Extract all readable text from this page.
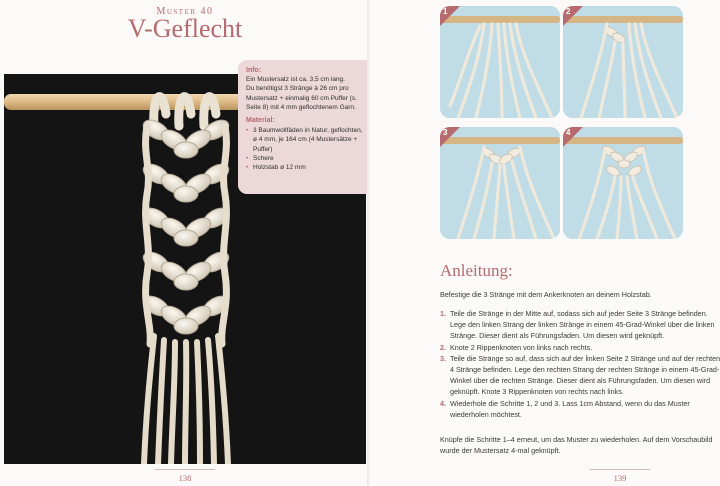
Muster 40
V-Geflecht

Info:

Ein Mustersatz ist ca. 3,5 cm lang.

Du benötigst 3 Stränge à 26 cm pro Mustersatz + einmalig 60 cm Puffer (s. Seite 8) mit 4 mm geflochtenem Garn.

Material:

• 3 Baumwollfäden in Natur, geflochten, ø 4 mm, je 164 cm (4 Mustersätze + Puffer)
• Schere
• Holzstab ø 12 mm
138
1	2
3	4
Anleitung:

Befestige die 3 Stränge mit dem Ankerknoten an deinem Holzstab.

1. Teile die Stränge in der Mitte auf, sodass sich auf jeder Seite 3 Stränge befinden. Lege den linken Strang der linken Stränge in einem 45-Grad-Winkel über die linken Stränge. Dieser dient als Führungsfaden. Um diesen wird geknüpft.
2. Knote 2 Rippenknoten von links nach rechts.
3. Teile die Stränge so auf, dass sich auf der linken Seite 2 Stränge und auf der rechten 4 Stränge befinden. Lege den rechten Strang der rechten Stränge in einem 45-Grad-Winkel über die rechten Stränge. Dieser dient als Führungsfaden. Um diesen wird geknüpft. Knote 3 Rippenknoten von rechts nach links.
4. Wiederhole die Schritte 1, 2 und 3. Lass 1cm Abstand, wenn du das Muster wiederholen möchtest.

Knüpfe die Schritte 1–4 erneut, um das Muster zu wiederholen. Auf dem Vorschaubild wurde der Mustersatz 4-mal geknüpft.

139
